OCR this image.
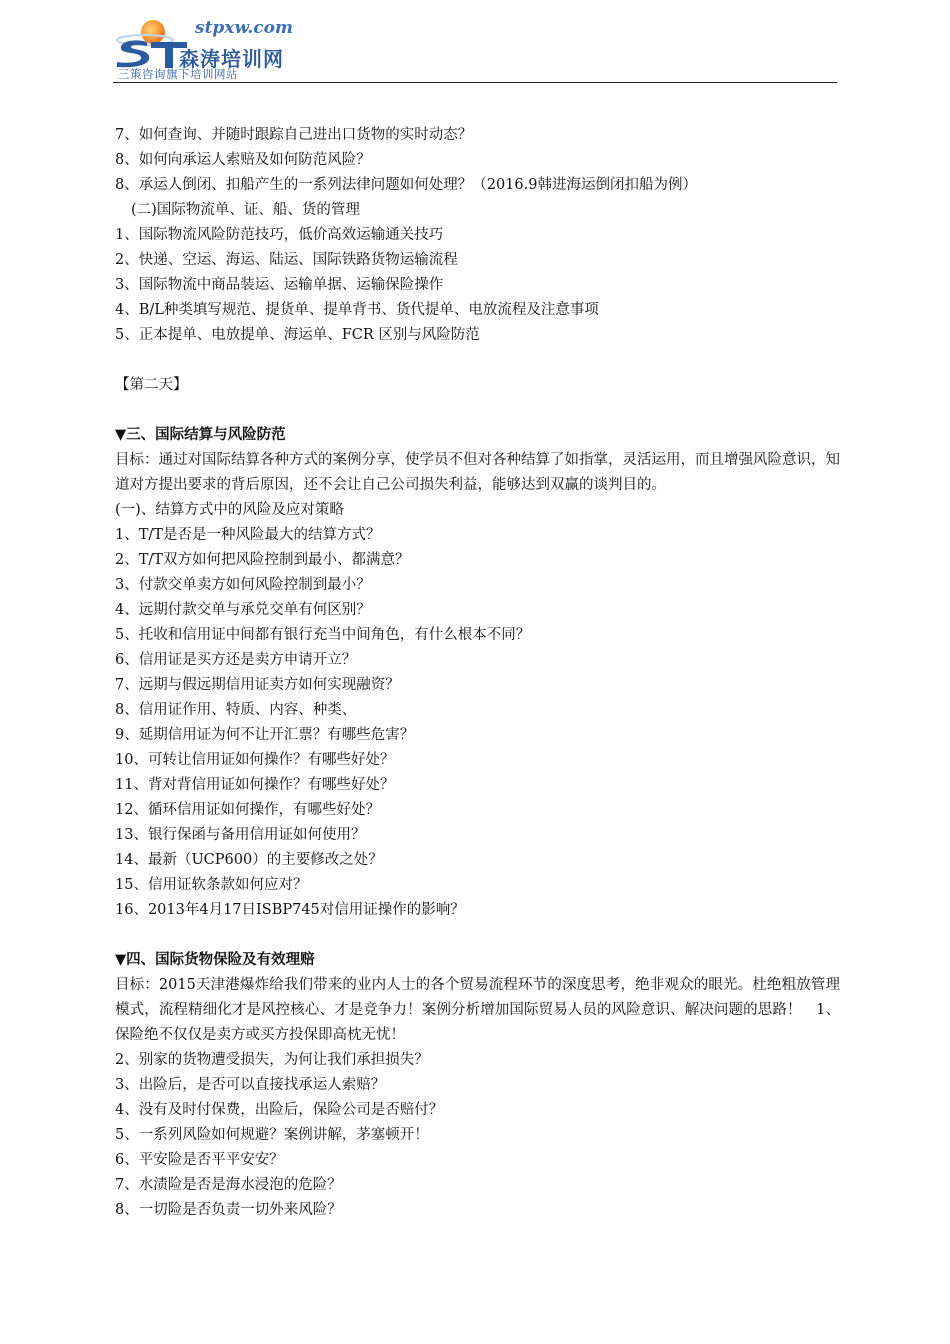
stpxw.com
森涛培训网
三策咨询旗下培训网站
7、如何查询、并随时跟踪自己进出口货物的实时动态？
8、如何向承运人索赔及如何防范风险？
8、承运人倒闭、扣船产生的一系列法律问题如何处理？（2016.9韩进海运倒闭扣船为例）
(二)国际物流单、证、船、货的管理
1、国际物流风险防范技巧，低价高效运输通关技巧
2、快递、空运、海运、陆运、国际铁路货物运输流程
3、国际物流中商品装运、运输单据、运输保险操作
4、B/L种类填写规范、提货单、提单背书、货代提单、电放流程及注意事项
5、正本提单、电放提单、海运单、FCR 区别与风险防范
【第二天】
▼三、国际结算与风险防范
目标：通过对国际结算各种方式的案例分享，使学员不但对各种结算了如指掌，灵活运用，而且增强风险意识，知道对方提出要求的背后原因，还不会让自己公司损失利益，能够达到双赢的谈判目的。
(一)、结算方式中的风险及应对策略
1、T/T是否是一种风险最大的结算方式？
2、T/T双方如何把风险控制到最小、都满意？
3、付款交单卖方如何风险控制到最小？
4、远期付款交单与承兑交单有何区别？
5、托收和信用证中间都有银行充当中间角色，有什么根本不同？
6、信用证是买方还是卖方申请开立？
7、远期与假远期信用证卖方如何实现融资？
8、信用证作用、特质、内容、种类、
9、延期信用证为何不让开汇票？有哪些危害？
10、可转让信用证如何操作？有哪些好处？
11、背对背信用证如何操作？有哪些好处？
12、循环信用证如何操作，有哪些好处？
13、银行保函与备用信用证如何使用？
14、最新（UCP600）的主要修改之处？
15、信用证软条款如何应对？
16、2013年4月17日ISBP745对信用证操作的影响？
▼四、国际货物保险及有效理赔
目标：2015天津港爆炸给我们带来的业内人士的各个贸易流程环节的深度思考，绝非观众的眼光。杜绝粗放管理模式，流程精细化才是风控核心、才是竞争力！案例分析增加国际贸易人员的风险意识、解决问题的思路！　1、保险绝不仅仅是卖方或买方投保即高枕无忧！
2、别家的货物遭受损失，为何让我们承担损失？
3、出险后，是否可以直接找承运人索赔？
4、没有及时付保费，出险后，保险公司是否赔付？
5、一系列风险如何规避？案例讲解，茅塞顿开！
6、平安险是否平平安安？
7、水渍险是否是海水浸泡的危险？
8、一切险是否负责一切外来风险？
